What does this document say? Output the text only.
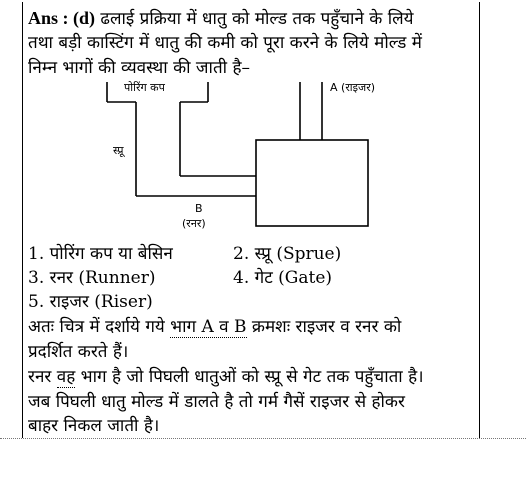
Ans : (d) ढलाई प्रक्रिया में धातु को मोल्ड तक पहुँचाने के लिये
तथा बड़ी कास्टिंग में धातु की कमी को पूरा करने के लिये मोल्ड में
निम्न भागों की व्यवस्था की जाती है–
पोरिंग कप	A (राइजर)
स्प्रू
B
(रनर)
1. पोरिंग कप या बेसिन	2. स्प्रू (Sprue)
3. रनर (Runner)	4. गेट (Gate)
5. राइजर (Riser)
अतः चित्र में दर्शाये गये भाग A व B क्रमशः राइजर व रनर को
प्रदर्शित करते हैं।
रनर वह भाग है जो पिघली धातुओं को स्प्रू से गेट तक पहुँचाता है।
जब पिघली धातु मोल्ड में डालते है तो गर्म गैसें राइजर से होकर
बाहर निकल जाती है।
